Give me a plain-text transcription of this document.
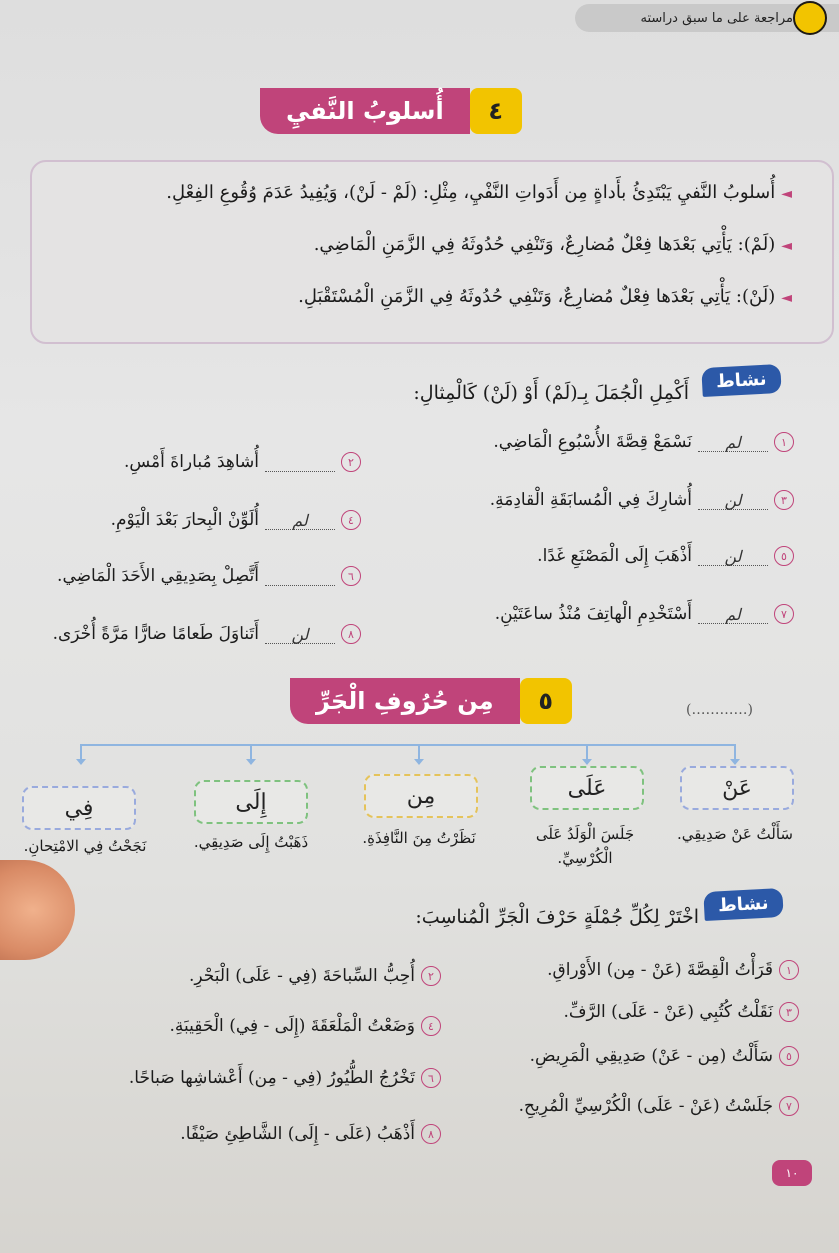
مراجعة على ما سبق دراسته
٤
أُسلوبُ النَّفيِ
◄أُسلوبُ النَّفيِ يَبْتَدِئُ بأَداةٍ مِن أَدَواتِ النَّفْيِ، مِثْلِ: (لَمْ - لَنْ)، وَيُفِيدُ عَدَمَ وُقُوعِ الفِعْلِ.
◄(لَمْ): يَأْتِي بَعْدَها فِعْلٌ مُضارِعٌ، وَتَنْفِي حُدُوثَهُ فِي الزَّمَنِ الْمَاضِي.
◄(لَنْ): يَأْتِي بَعْدَها فِعْلٌ مُضارِعٌ، وَتَنْفِي حُدُوثَهُ فِي الزَّمَنِ الْمُسْتَقْبَلِ.
نشاط
أَكْمِلِ الْجُمَلَ بِـ(لَمْ) أَوْ (لَنْ) كَالْمِثالِ:
١
لم
نَسْمَعْ قِصَّةَ الأُسْبُوعِ الْمَاضِي.
٢
أُشاهِدَ مُباراةَ أَمْسِ.
٣
لن
أُشارِكَ فِي الْمُسابَقَةِ الْقادِمَةِ.
٤
لم
أُلَوِّنْ الْبِحارَ بَعْدَ الْيَوْمِ.
٥
لن
أَذْهَبَ إِلَى الْمَصْنَعِ غَدًا.
٦
أَتَّصِلْ بِصَدِيقِي الأَحَدَ الْمَاضِي.
٧
لم
أَسْتَخْدِمِ الْهاتِفَ مُنْذُ ساعَتَيْنِ.
٨
لن
أَتَناوَلَ طَعامًا ضارًّا مَرَّةً أُخْرَى.
٥
مِن حُرُوفِ الْجَرِّ	(…………)
عَنْ
عَلَى
مِن
إِلَى
فِي
سَأَلْتُ عَنْ صَدِيقِي.
جَلَسَ الْوَلَدُ عَلَى الْكُرْسِيِّ.
نَظَرْتُ مِنَ النَّافِذَةِ.
ذَهَبْتُ إِلَى صَدِيقِي.
نَجَحْتُ فِي الامْتِحانِ.
نشاط
اخْتَرْ لِكُلِّ جُمْلَةٍ حَرْفَ الْجَرِّ الْمُناسِبَ:
١
قَرَأْتُ الْقِصَّةَ (عَنْ - مِن) الأَوْراقِ.
٢
أُحِبُّ السِّباحَةَ (فِي - عَلَى) الْبَحْرِ.
٣
نَقَلْتُ كُتُبِي (عَنْ - عَلَى) الرَّفِّ.
٤
وَضَعْتُ الْمَلْعَقَةَ (إِلَى - فِي) الْحَقِيبَةِ.
٥
سَأَلْتُ (مِن - عَنْ) صَدِيقِي الْمَرِيضِ.
٦
تَخْرُجُ الطُّيُورُ (فِي - مِن) أَعْشاشِها صَباحًا.
٧
جَلَسْتُ (عَنْ - عَلَى) الْكُرْسِيِّ الْمُرِيحِ.
٨
أَذْهَبُ (عَلَى - إِلَى) الشَّاطِئِ صَيْفًا.
١٠
